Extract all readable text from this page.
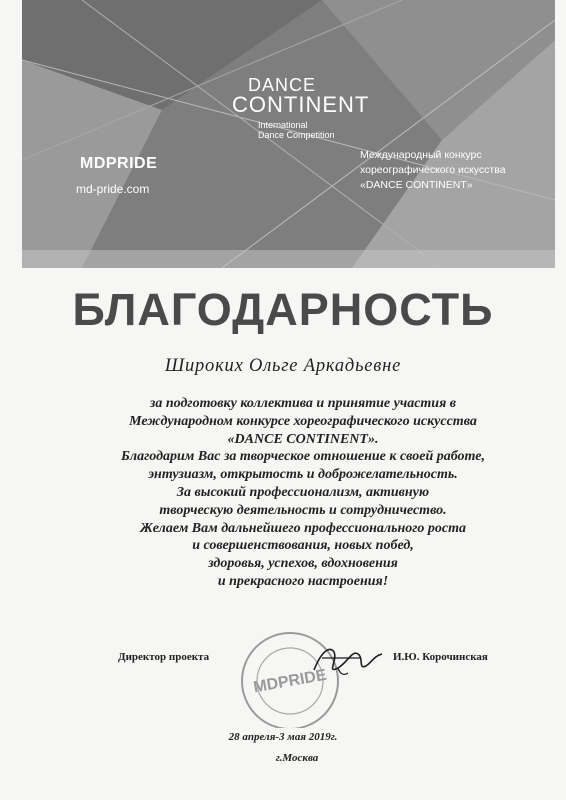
DANCE
CONTINENT
International
Dance Competition
MDPRIDE
md-pride.com
Международный конкурс
хореографического искусства
«DANCE CONTINENT»
БЛАГОДАРНОСТЬ
Широких Ольге Аркадьевне
за подготовку коллектива и принятие участия в
Международном конкурсе хореографического искусства
«DANCE CONTINENT».
Благодарим Вас за творческое отношение к своей работе,
энтузиазм, открытость и доброжелательность.
За высокий профессионализм, активную
творческую деятельность и сотрудничество.
Желаем Вам дальнейшего профессионального роста
и совершенствования, новых побед,
здоровья, успехов, вдохновения
и прекрасного настроения!
MDPRIDE
Директор проекта	И.Ю. Корочинская
28 апреля-3 мая 2019г.
г.Москва
